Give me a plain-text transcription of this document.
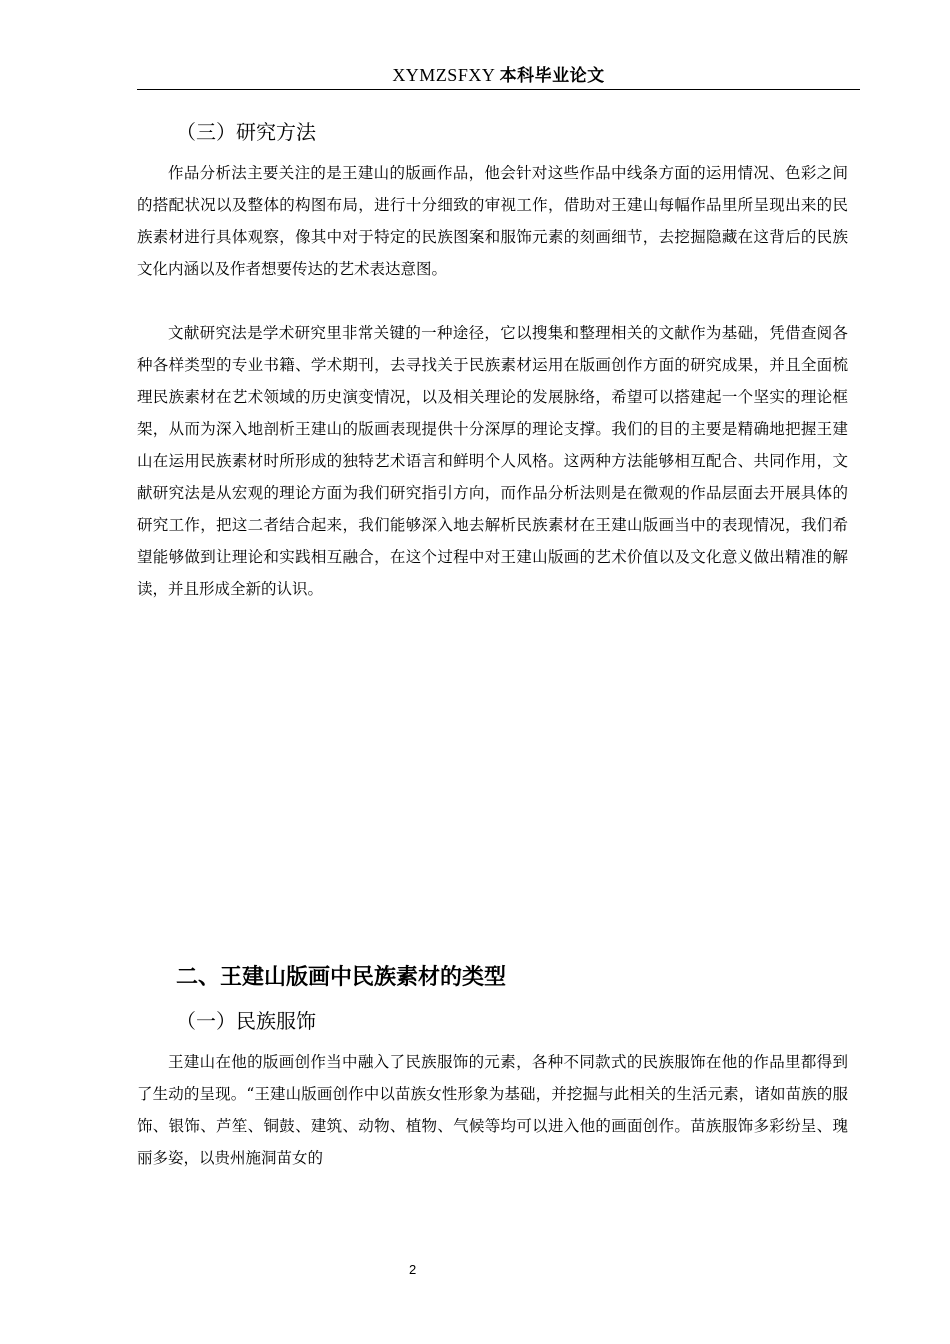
XYMZSFXY 本科毕业论文
（三）研究方法

作品分析法主要关注的是王建山的版画作品，他会针对这些作品中线条方面的运用情况、色彩之间的搭配状况以及整体的构图布局，进行十分细致的审视工作，借助对王建山每幅作品里所呈现出来的民族素材进行具体观察，像其中对于特定的民族图案和服饰元素的刻画细节，去挖掘隐藏在这背后的民族文化内涵以及作者想要传达的艺术表达意图。

文献研究法是学术研究里非常关键的一种途径，它以搜集和整理相关的文献作为基础，凭借查阅各种各样类型的专业书籍、学术期刊，去寻找关于民族素材运用在版画创作方面的研究成果，并且全面梳理民族素材在艺术领域的历史演变情况，以及相关理论的发展脉络，希望可以搭建起一个坚实的理论框架，从而为深入地剖析王建山的版画表现提供十分深厚的理论支撑。我们的目的主要是精确地把握王建山在运用民族素材时所形成的独特艺术语言和鲜明个人风格。这两种方法能够相互配合、共同作用，文献研究法是从宏观的理论方面为我们研究指引方向，而作品分析法则是在微观的作品层面去开展具体的研究工作，把这二者结合起来，我们能够深入地去解析民族素材在王建山版画当中的表现情况，我们希望能够做到让理论和实践相互融合，在这个过程中对王建山版画的艺术价值以及文化意义做出精准的解读，并且形成全新的认识。

二、王建山版画中民族素材的类型
（一）民族服饰

王建山在他的版画创作当中融入了民族服饰的元素，各种不同款式的民族服饰在他的作品里都得到了生动的呈现。“王建山版画创作中以苗族女性形象为基础，并挖掘与此相关的生活元素，诸如苗族的服饰、银饰、芦笙、铜鼓、建筑、动物、植物、气候等均可以进入他的画面创作。苗族服饰多彩纷呈、瑰丽多姿，以贵州施洞苗女的

2
